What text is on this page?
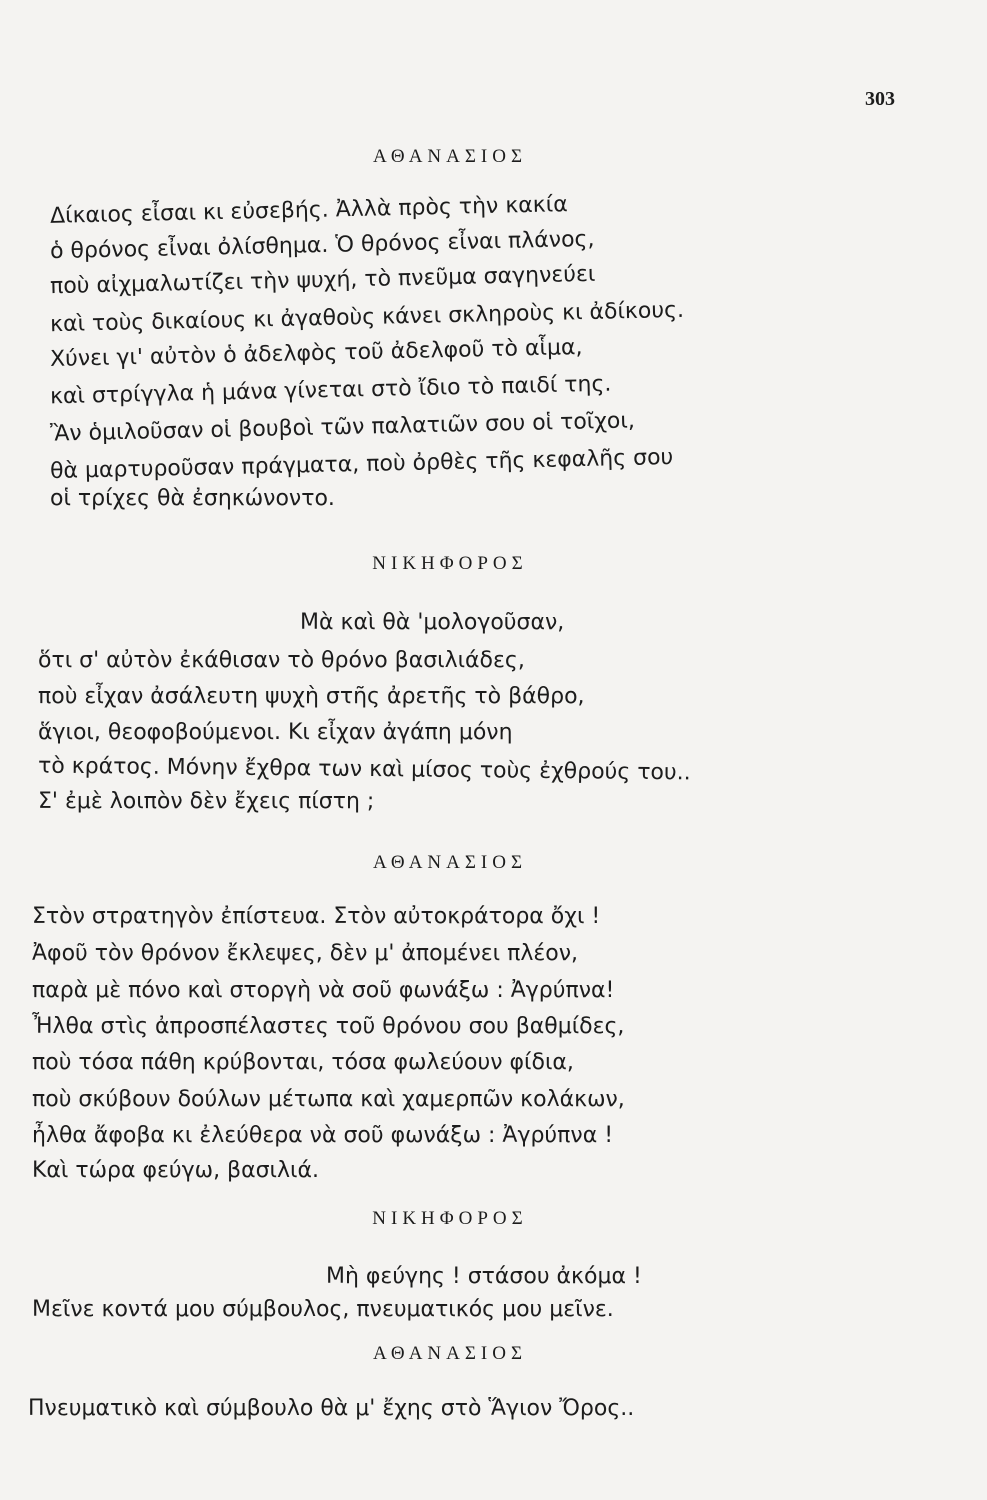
303
ΑΘΑΝΑΣΙΟΣ
Δίκαιος εἶσαι κι εὐσεβής. Ἀλλὰ πρὸς τὴν κακία
ὁ θρόνος εἶναι ὀλίσθημα. Ὁ θρόνος εἶναι πλάνος,
ποὺ αἰχμαλωτίζει τὴν ψυχή, τὸ πνεῦμα σαγηνεύει
καὶ τοὺς δικαίους κι ἀγαθοὺς κάνει σκληροὺς κι ἀδίκους.
Χύνει γι' αὐτὸν ὁ ἀδελφὸς τοῦ ἀδελφοῦ τὸ αἷμα,
καὶ στρίγγλα ἡ μάνα γίνεται στὸ ἴδιο τὸ παιδί της.
Ἂν ὁμιλοῦσαν οἱ βουβοὶ τῶν παλατιῶν σου οἱ τοῖχοι,
θὰ μαρτυροῦσαν πράγματα, ποὺ ὀρθὲς τῆς κεφαλῆς σου
οἱ τρίχες θὰ ἐσηκώνοντο.
ΝΙΚΗΦΟΡΟΣ
Μὰ καὶ θὰ 'μολογοῦσαν,
ὅτι σ' αὐτὸν ἐκάθισαν τὸ θρόνο βασιλιάδες,
ποὺ εἶχαν ἀσάλευτη ψυχὴ στῆς ἀρετῆς τὸ βάθρο,
ἅγιοι, θεοφοβούμενοι. Κι εἶχαν ἀγάπη μόνη
τὸ κράτος. Μόνην ἔχθρα των καὶ μίσος τοὺς ἐχθρούς του..
Σ' ἐμὲ λοιπὸν δὲν ἔχεις πίστη ;
ΑΘΑΝΑΣΙΟΣ
Στὸν στρατηγὸν ἐπίστευα. Στὸν αὐτοκράτορα ὄχι !
Ἀφοῦ τὸν θρόνον ἔκλεψες, δὲν μ' ἀπομένει πλέον,
παρὰ μὲ πόνο καὶ στοργὴ νὰ σοῦ φωνάξω : Ἀγρύπνα!
Ἦλθα στὶς ἀπροσπέλαστες τοῦ θρόνου σου βαθμίδες,
ποὺ τόσα πάθη κρύβονται, τόσα φωλεύουν φίδια,
ποὺ σκύβουν δούλων μέτωπα καὶ χαμερπῶν κολάκων,
ἦλθα ἄφοβα κι ἐλεύθερα νὰ σοῦ φωνάξω : Ἀγρύπνα !
Καὶ τώρα φεύγω, βασιλιά.
ΝΙΚΗΦΟΡΟΣ
Μὴ φεύγης ! στάσου ἀκόμα !
Μεῖνε κοντά μου σύμβουλος, πνευματικός μου μεῖνε.
ΑΘΑΝΑΣΙΟΣ
Πνευματικὸ καὶ σύμβουλο θὰ μ' ἔχης στὸ Ἅγιον Ὄρος..
